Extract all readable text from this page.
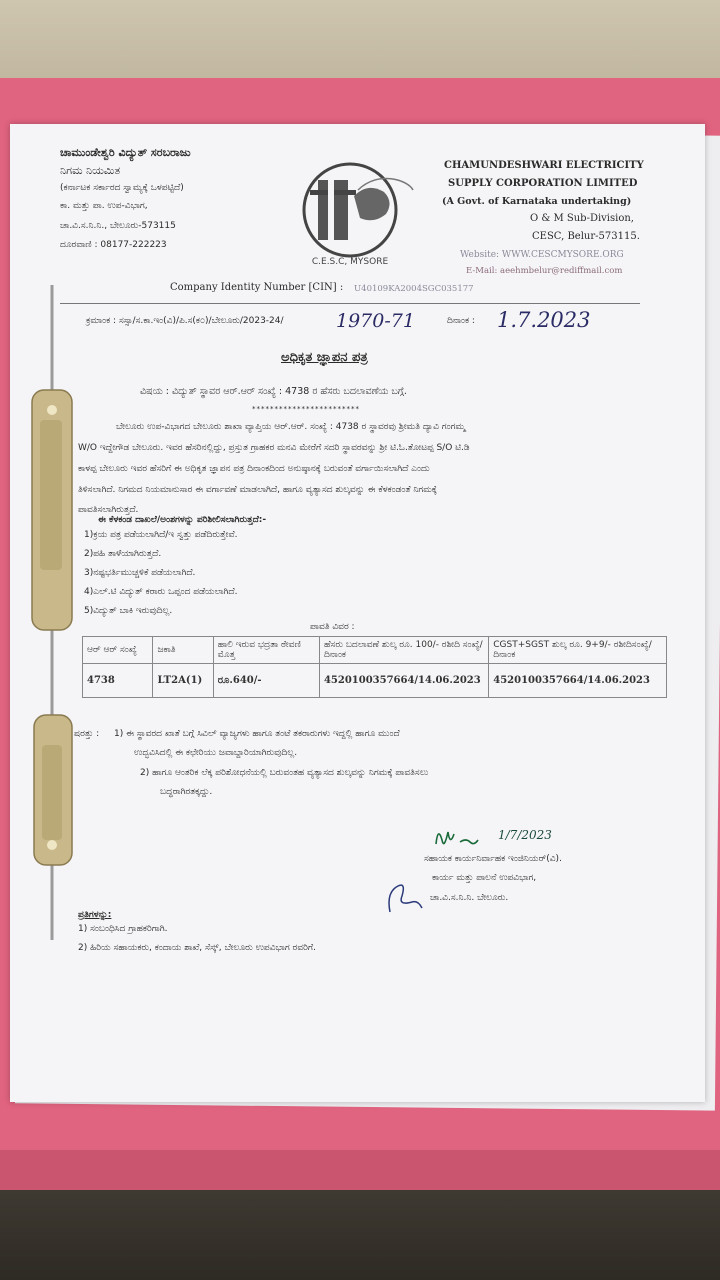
ಚಾಮುಂಡೇಶ್ವರಿ ವಿದ್ಯುತ್ ಸರಬರಾಜು
ನಿಗಮ ನಿಯಮಿತ
(ಕರ್ನಾಟಕ ಸರ್ಕಾರದ ಸ್ವಾಮ್ಯಕ್ಕೆ ಒಳಪಟ್ಟಿದೆ)
ಕಾ. ಮತ್ತು ಪಾ. ಉಪ-ವಿಭಾಗ,
ಚಾ.ವಿ.ಸ.ನಿ.ನಿ., ಬೇಲೂರು-573115
ದೂರವಾಣಿ : 08177-222223
C.E.S.C, MYSORE
CHAMUNDESHWARI ELECTRICITY
SUPPLY CORPORATION LIMITED
(A Govt. of Karnataka undertaking)
O & M Sub-Division,
CESC, Belur-573115.
Website: WWW.CESCMYSORE.ORG
E-Mail: aeehmbelur@rediffmail.com
Company Identity Number [CIN] : U40109KA2004SGC035177
ಕ್ರಮಾಂಕ : ಸಸ್ಸಾ/ಸ.ಕಾ.ಇಂ(ವಿ)/ಪಿ.ಸ(ಕ೦)/ಬೇಲೂರು/2023-24/	1970-71	ದಿನಾಂಕ : 1.7.2023
ಅಧಿಕೃತ ಜ್ಞಾಪನ ಪತ್ರ
ವಿಷಯ : ವಿದ್ಯುತ್ ಸ್ಥಾವರ ಆರ್.ಆರ್ ಸಂಖ್ಯೆ : 4738 ರ ಹೆಸರು ಬದಲಾವಣೆಯ ಬಗ್ಗೆ.
************************
ಬೇಲೂರು ಉಪ-ವಿಭಾಗದ ಬೇಲೂರು ಶಾಖಾ ವ್ಯಾಪ್ತಿಯ ಆರ್.ಆರ್. ಸಂಖ್ಯೆ : 4738 ರ ಸ್ಥಾವರವು ಶ್ರೀಮತಿ ದ್ಯಾವಿ ಗಂಗಮ್ಮ
W/O ಇದ್ದೇಗೌಡ ಬೇಲೂರು. ಇವರ ಹೆಸರಿನಲ್ಲಿದ್ದು, ಪ್ರಸ್ತುತ ಗ್ರಾಹಕರ ಮನವಿ ಮೇರೆಗೆ ಸದರಿ ಸ್ಥಾವರವನ್ನು ಶ್ರೀ ಟಿ.ಓ.ತೋಟಪ್ಪ S/O ಟಿ.ಡಿ
ಕಾಳಪ್ಪ ಬೇಲೂರು ಇವರ ಹೆಸರಿಗೆ ಈ ಅಧಿಕೃತ ಜ್ಞಾಪನ ಪತ್ರ ದಿನಾಂಕದಿಂದ ಅನುಷ್ಠಾನಕ್ಕೆ ಬರುವಂತೆ ವರ್ಗಾಯಿಸಲಾಗಿದೆ ಎಂದು
ತಿಳಿಸಲಾಗಿದೆ. ನಿಗಮದ ನಿಯಮಾನುಸಾರ ಈ ವರ್ಗಾವಣೆ ಮಾಡಲಾಗಿದೆ, ಹಾಗೂ ವ್ಯತ್ಯಾಸದ ಶುಲ್ಕವನ್ನು ಈ ಕೆಳಕಂಡಂತೆ ನಿಗಮಕ್ಕೆ
ಪಾವತಿಸಲಾಗಿರುತ್ತದೆ.
ಈ ಕೆಳಕಂಡ ದಾಖಲೆ/ಅಂಶಗಳನ್ನು ಪರಿಶೀಲಿಸಲಾಗಿರುತ್ತದೆ:-
1)ಕ್ರಯ ಪತ್ರ ಪಡೆಯಲಾಗಿದೆ/ಇ ಸ್ವತ್ತು ಪಡೆದಿರುತ್ತೇವೆ.
2)ಪಹಿ ತಾಳೆಯಾಗಿರುತ್ತದೆ.
3)ನಷ್ಟಭರ್ತಿಮುಚ್ಚಳಿಕೆ ಪಡೆಯಲಾಗಿದೆ.
4)ಎಲ್.ಟಿ ವಿದ್ಯುತ್ ಕರಾರು ಒಪ್ಪಂದ ಪಡೆಯಲಾಗಿದೆ.
5)ವಿದ್ಯುತ್ ಬಾಕಿ ಇರುವುದಿಲ್ಲ.
ಪಾವತಿ ವಿವರ :
ಆರ್ ಆರ್ ಸಂಖ್ಯೆ	ಜಕಾತಿ	ಹಾಲಿ ಇರುವ ಭದ್ರತಾ ಠೇವಣಿ ಮೊತ್ತ	ಹೆಸರು ಬದಲಾವಣೆ ಶುಲ್ಕ ರೂ. 100/- ರಶೀದಿ ಸಂಖ್ಯೆ/ದಿನಾಂಕ	CGST+SGST ಶುಲ್ಕ ರೂ. 9+9/- ರಶೀದಿಸಂಖ್ಯೆ/ದಿನಾಂಕ
4738	LT2A(1)	ರೂ.640/-	4520100357664/14.06.2023	4520100357664/14.06.2023
ಷರತ್ತು : 1) ಈ ಸ್ಥಾವರದ ಖಾತೆ ಬಗ್ಗೆ ಸಿವಿಲ್ ವ್ಯಾಜ್ಯಗಳು ಹಾಗೂ ತಂಟೆ ತಕರಾರುಗಳು ಇದ್ದಲ್ಲಿ ಹಾಗೂ ಮುಂದೆ
ಉದ್ಭವಿಸಿದಲ್ಲಿ ಈ ಕಛೇರಿಯು ಜವಾಬ್ದಾರಿಯಾಗಿರುವುದಿಲ್ಲ.
2) ಹಾಗೂ ಆಂತರಿಕ ಲೆಕ್ಕ ಪರಿಶೋಧನೆಯಲ್ಲಿ ಬರುವಂತಹ ವ್ಯತ್ಯಾಸದ ಶುಲ್ಕವನ್ನು ನಿಗಮಕ್ಕೆ ಪಾವತಿಸಲು
ಬದ್ಧರಾಗಿರತಕ್ಕದ್ದು.
1/7/2023
ಸಹಾಯಕ ಕಾರ್ಯನಿರ್ವಾಹಕ ಇಂಜಿನಿಯರ್(ವಿ).
ಕಾರ್ಯ ಮತ್ತು ಪಾಲನೆ ಉಪವಿಭಾಗ,
ಚಾ.ವಿ.ಸ.ನಿ.ನಿ. ಬೇಲೂರು.
ಪ್ರತಿಗಳನ್ನು:
1) ಸಂಬಂಧಿಸಿದ ಗ್ರಾಹಕರಿಗಾಗಿ.
2) ಹಿರಿಯ ಸಹಾಯಕರು, ಕಂದಾಯ ಶಾಖೆ, ಸೆಸ್ಕ್, ಬೇಲೂರು ಉಪವಿಭಾಗ ರವರಿಗೆ.
